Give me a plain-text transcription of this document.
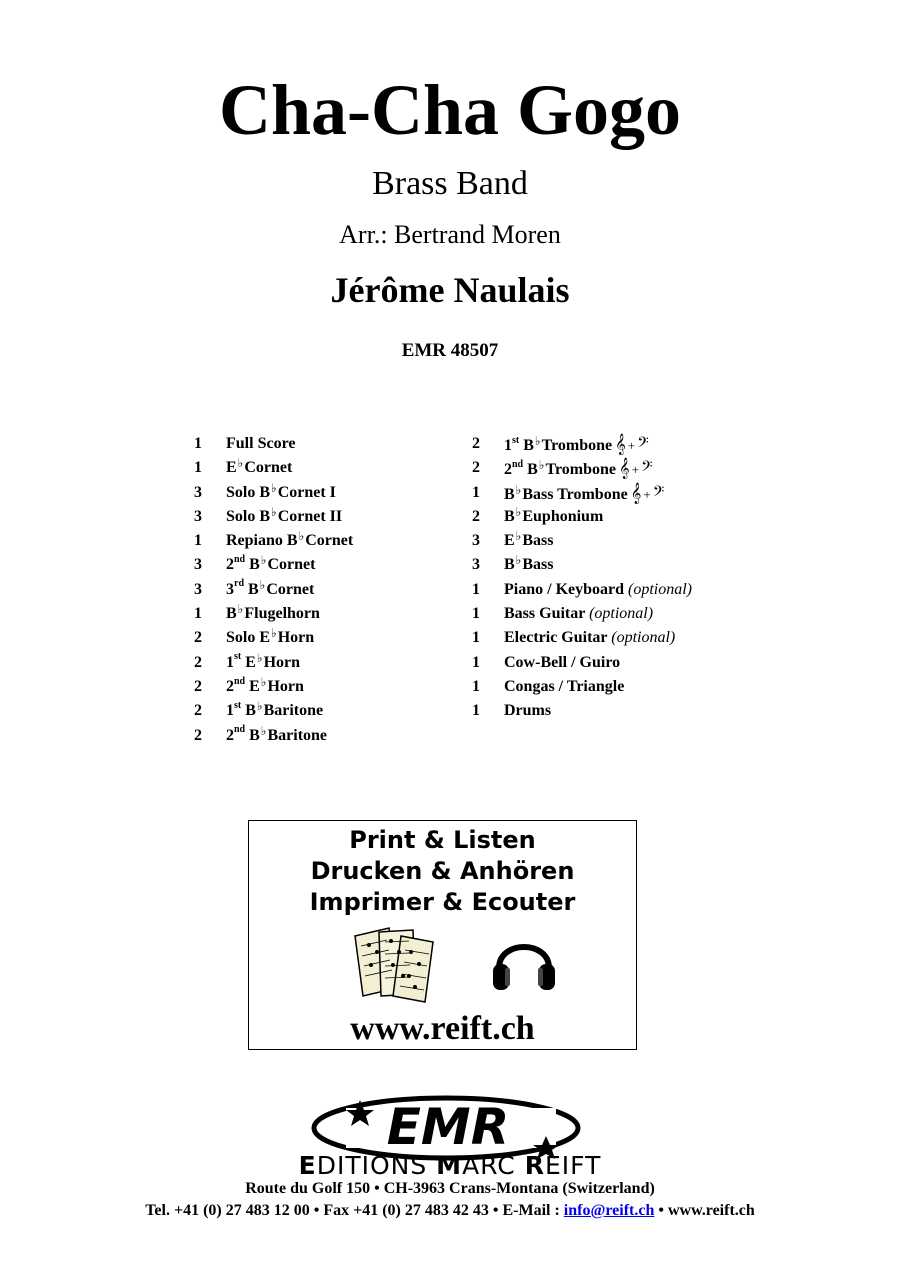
Cha-Cha Gogo
Brass Band
Arr.: Bertrand Moren
Jérôme Naulais
EMR 48507
1	Full Score
1	E♭Cornet
3	Solo B♭Cornet I
3	Solo B♭Cornet II
1	Repiano B♭Cornet
3	2nd B♭Cornet
3	3rd B♭Cornet
1	B♭Flugelhorn
2	Solo E♭Horn
2	1st E♭Horn
2	2nd E♭Horn
2	1st B♭Baritone
2	2nd B♭Baritone
2	1st B♭Trombone 𝄞 + 𝄢
2	2nd B♭Trombone 𝄞 + 𝄢
1	B♭Bass Trombone 𝄞 + 𝄢
2	B♭Euphonium
3	E♭Bass
3	B♭Bass
1	Piano / Keyboard (optional)
1	Bass Guitar (optional)
1	Electric Guitar (optional)
1	Cow-Bell / Guiro
1	Congas / Triangle
1	Drums
Print & Listen
Drucken & Anhören
Imprimer & Ecouter
www.reift.ch
EMR
EDITIONS MARC REIFT
Route du Golf 150 • CH-3963 Crans-Montana (Switzerland)
Tel. +41 (0) 27 483 12 00 • Fax +41 (0) 27 483 42 43 • E-Mail : info@reift.ch • www.reift.ch
